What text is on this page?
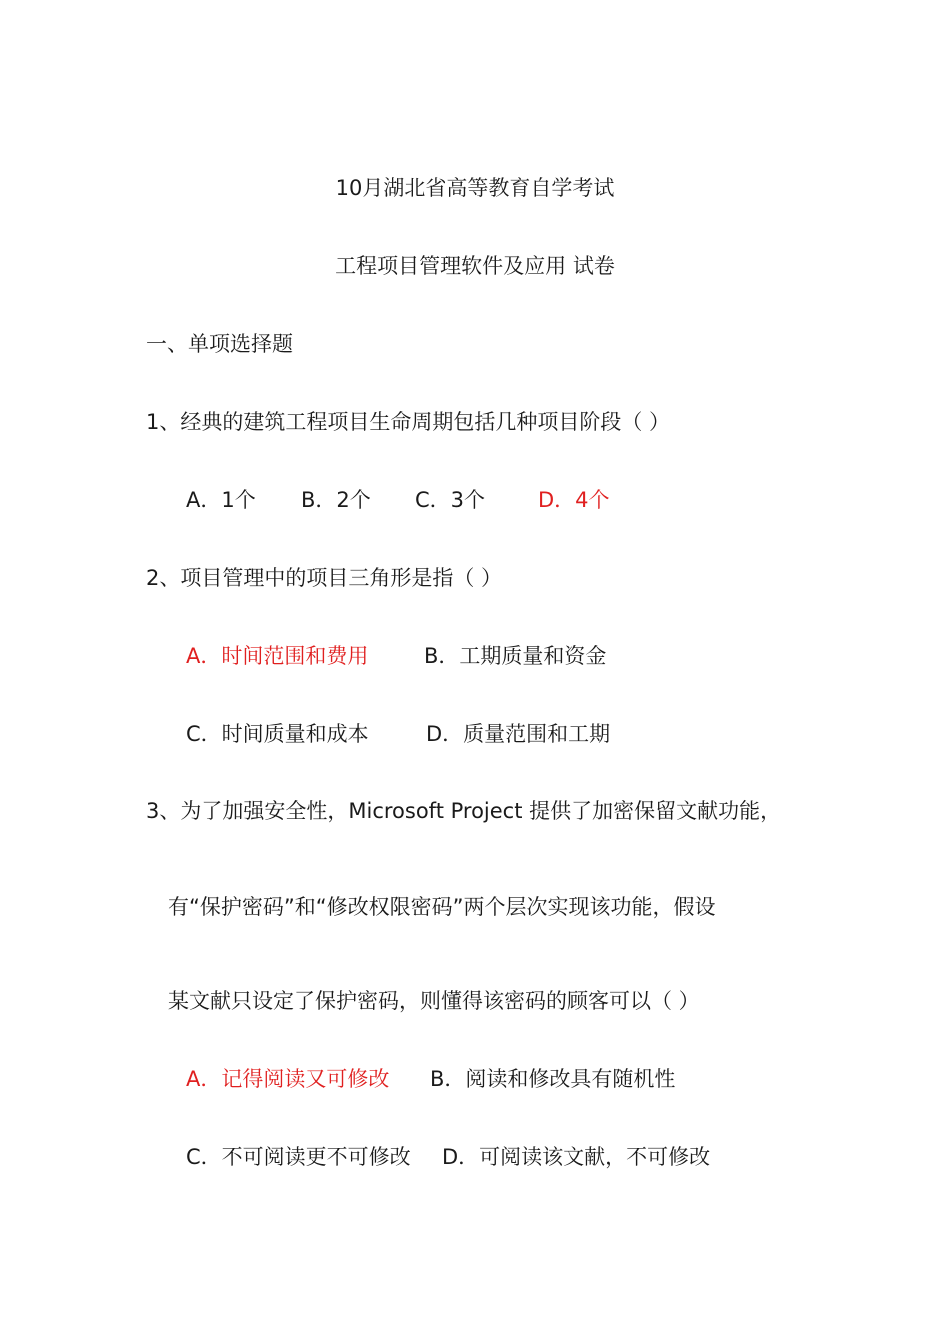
10月湖北省高等教育自学考试
工程项目管理软件及应用 试卷
一、单项选择题
1、经典的建筑工程项目生命周期包括几种项目阶段（ ）
A．1个 B．2个 C．3个	D．4个
2、项目管理中的项目三角形是指（ ）
A．时间范围和费用	B．工期质量和资金
C．时间质量和成本	D．质量范围和工期
3、为了加强安全性，Microsoft Project 提供了加密保留文献功能，
有“保护密码”和“修改权限密码”两个层次实现该功能，假设
某文献只设定了保护密码，则懂得该密码的顾客可以（ ）
A．记得阅读又可修改 B．阅读和修改具有随机性
C．不可阅读更不可修改 D．可阅读该文献，不可修改
